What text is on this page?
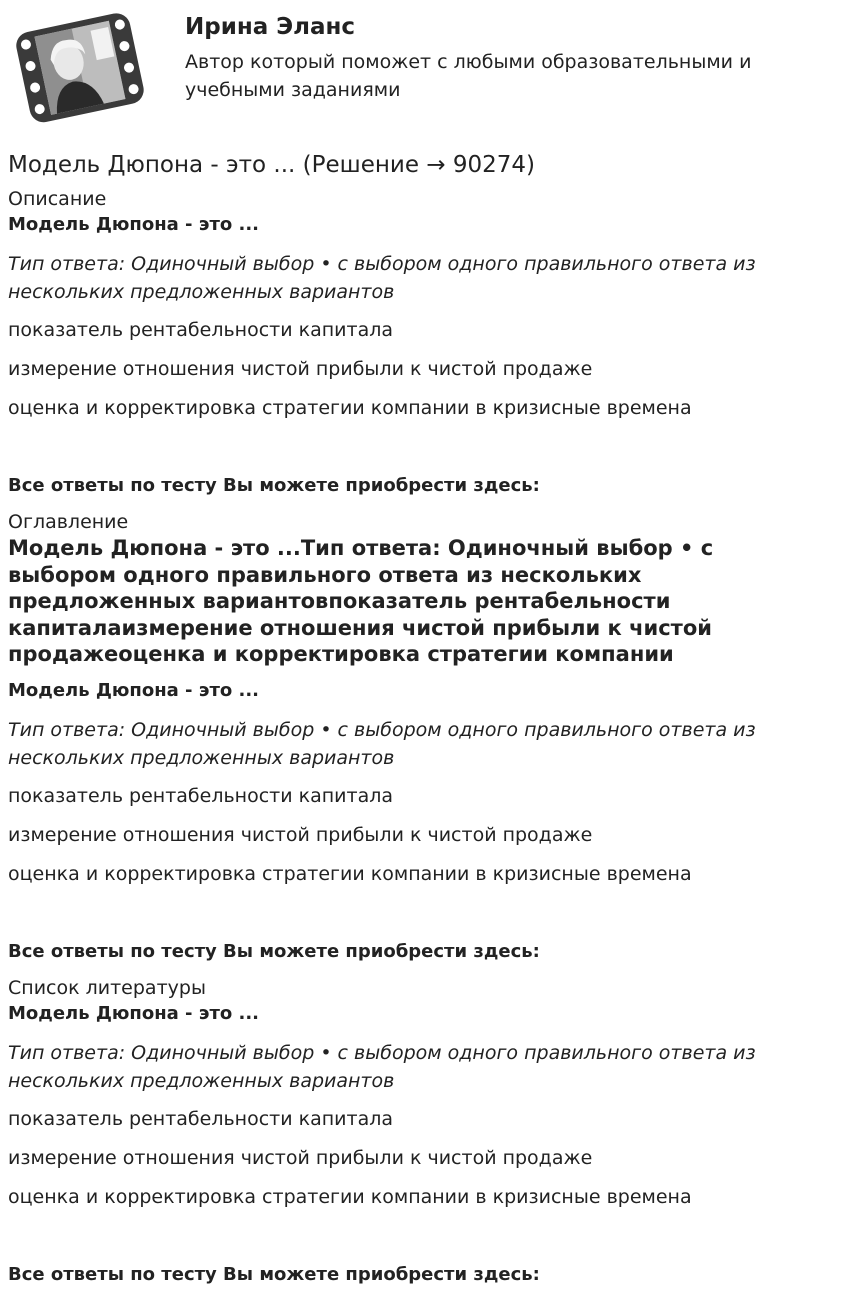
Ирина Эланс

Автор который поможет с любыми образовательными и учебными заданиями

Модель Дюпона - это ... (Решение → 90274)

Описание

Модель Дюпона - это ...

Тип ответа: Одиночный выбор • с выбором одного правильного ответа из нескольких предложенных вариантов

показатель рентабельности капитала

измерение отношения чистой прибыли к чистой продаже

оценка и корректировка стратегии компании в кризисные времена

Все ответы по тесту Вы можете приобрести здесь:

Оглавление

Модель Дюпона - это ...Тип ответа: Одиночный выбор • с выбором одного правильного ответа из нескольких предложенных вариантовпоказатель рентабельности капиталаизмерение отношения чистой прибыли к чистой продажеоценка и корректировка стратегии компании

Модель Дюпона - это ...

Тип ответа: Одиночный выбор • с выбором одного правильного ответа из нескольких предложенных вариантов

показатель рентабельности капитала

измерение отношения чистой прибыли к чистой продаже

оценка и корректировка стратегии компании в кризисные времена

Все ответы по тесту Вы можете приобрести здесь:

Список литературы

Модель Дюпона - это ...

Тип ответа: Одиночный выбор • с выбором одного правильного ответа из нескольких предложенных вариантов

показатель рентабельности капитала

измерение отношения чистой прибыли к чистой продаже

оценка и корректировка стратегии компании в кризисные времена

Все ответы по тесту Вы можете приобрести здесь:
